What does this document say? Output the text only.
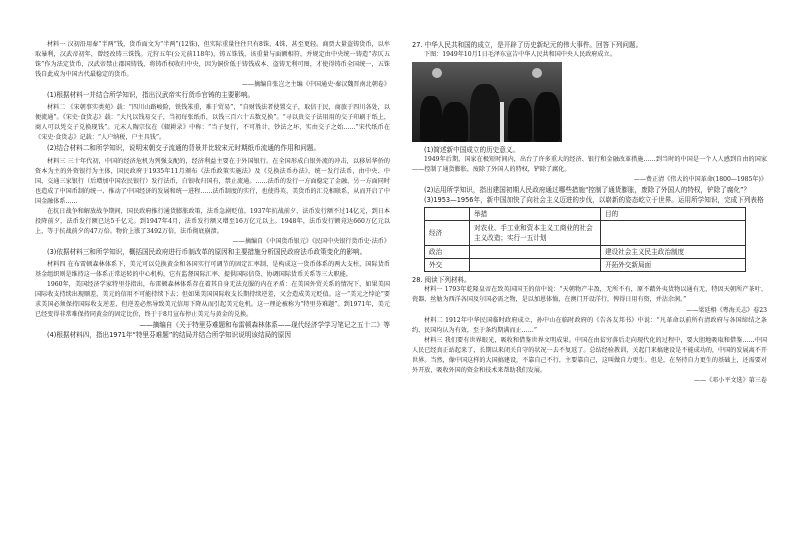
材料一 汉初沿用秦“半两”钱，货币面文为“半两”(12铢)，但实际重量往往只有8铢、4铢，甚至更轻。商贾大量盗铸货币，以牟取暴利，汉武帝初年，曾经改铸三铢钱。元狩五年(公元前118年)，铸五铢钱，该重量与面额相符，并规定由中央统一铸造“赤仄五铢”作为法定货币，汉武帝禁止郡国铸钱，将铸币权收归中央，因为铜价低于铸钱成本、盗铸无利可图，才使得铸币全国统一，五铢钱自此成为中国古代最稳定的货币。

——摘编自张岂之主编《中国通史·秦汉魏晋南北朝卷》

(1)根据材料一并结合所学知识，指出汉武帝实行货币官铸的主要影响。

材料二 《宋朝事实类苑》载：“四川山路峻险，铁钱笨重，难于贸易”，“自财钱法者使置交子，取信于民，商旅于四川各处，以便流通”。《宋史·食货志》载：“大凡以钱易交子，当初每张纸币，以钱三百六十五数兑换”。“寻以贵交子法用用的交子印刷于纸上，商人可以凭交子兑换现钱”。元末人陶宗仪在《辍耕录》中称：“当子复行，不可胜计，钞法之坏，实由交子之始……”宋代纸币在《宋史·食货志》记载：“人户纳税，户主具钱”。

(2)结合材料二和所学知识，说明宋朝交子流通的背景并比较宋元时期纸币流通的作用和问题。

材料三 三十年代初，中国的经济危机为列强支配的，经济利益主要在于外国银行。在全国形成白银外流的冲击，以移居华侨的资本为主的外资银行为主体，国民政府于1935年11月颁布《法币政策实施法》及《兑换法币办法》，统一发行法币，由中央、中国、交通三家银行（后增加中国农民银行）发行法币，白银收归国有，禁止流通。……法币的发行一方面稳定了金融，另一方面同时也造成了中国币制的统一、推动了中国经济的发展和统一进程……法币制度的实行，也使得英、美货币的汇兑相联系，从而开启了中国金融体系……

在抗日战争和解放战争期间，国民政府推行通货膨胀政策，法币急剧贬值。1937年抗战前夕，法币发行额不过14亿元，到日本投降前夕，法币发行额已达5千亿元。到1947年4月，法币发行额又增至16万亿元以上。1948年，法币发行额竟达660万亿元以上，等于抗战前夕的47万倍。物价上涨了3492万倍，法币彻底崩溃。

——摘编自《中国货币银元》《民国中央银行货币史·法币》

(3)依据材料三和所学知识，概括国民政府进行币制改革的原因和主要措施分析国民政府法币政策变化的影响。

材料四 在布雷顿森林体系下，美元可以兑换黄金和各国实行可调节的固定汇率制，是构成这一货币体系的两大支柱，国际货币基金组织则是维持这一体系正常运转的中心机构，它有监督国际汇率、提供国际信贷、协调国际货币关系等三大职能。

1960年，美国经济学家特里芬指出，布雷顿森林体系存在着其自身无法克服的内在矛盾：在美国外贸关系的情况下，如果美国国际收支持续出现顺差，美元的信用不可能持续下去；但如果美国国际收支长期持续逆差，又会造成美元贬值。这一“美元之悖论”要求美国必须保持国际收支逆差，但逆差必然导致美元信用下降从而引起美元危机。这一理论被称为“特里芬难题”。到1971年，美元已经变得非常难保持同黄金的固定比价，终于于8月宣布停止美元与黄金的兑换。

——摘编自《关于特里芬难题和布雷顿森林体系——现代经济学学习笔记之五十二》等

(4)根据材料四，指出1971年“特里芬难题”的结局并结合所学知识说明该结局的原因

27. 中华人民共和国的成立，是开辟了历史新纪元的伟大事件。回答下列问题。

下图：1949年10月1日毛泽东宣告中华人民共和国中央人民政府成立。

(1)简述新中国成立的历史意义。

1949年后期，国家在极短时间内，出台了许多重大的经济、银行和金融改革措施……到当时的中国是一个人人感到自由的国家——控制了通货膨胀，废除了外国人的特权，铲除了腐化。

——费正清《伟大的中国革命(1800—1985年)》

(2)运用所学知识，指出建国初期人民政府通过哪些措施“控制了通货膨胀，废除了外国人的特权，铲除了腐化”？

(3)1953—1956年，新中国加快了向社会主义迈进的步伐，以崭新的姿态屹立于世界。运用所学知识，完成下列表格

	举措	目的
经济	对农业、手工业和资本主义工商业的社会主义改造；实行一五计划	
政治		建设社会主义民主政治制度
外交		开拓外交新局面

28. 阅读下列材料。

材料一 1793年乾隆皇帝在致英国国王的信中说：“天朝物产丰盈，无所不有，原不藉外夷货物以通有无，特因天朝所产茶叶、瓷器、丝觔为西洋各国及尔国必需之物，是以加恩体恤，在澳门开设洋行，俾得日用有资，并沾余润。”

——梁廷枏《粤海关志》卷23

材料二 1912年中华民国临时政府成立，孙中山在临时政府的《告各友邦书》中说：“凡革命以前所有清政府与各国缔结之条约，民国均认为有效，至于条约期满而止……”

材料三 我们要有世界眼光，吸收和借鉴世界文明成果。中国在由贫穷落后走向现代化的过程中，要大胆地吸取和借鉴……中国人民已经真正站起来了，长期以来闭关自守的状况一去不复返了。总结经验教训，关起门来搞建设是不能成功的，中国的发展离不开世界。当然，像中国这样的大国搞建设，不靠自己不行，主要靠自己，这叫做自力更生。但是，在坚持自力更生的基础上，还需要对外开放，吸收外国的资金和技术来帮助我们发展。

——《邓小平文选》第三卷
